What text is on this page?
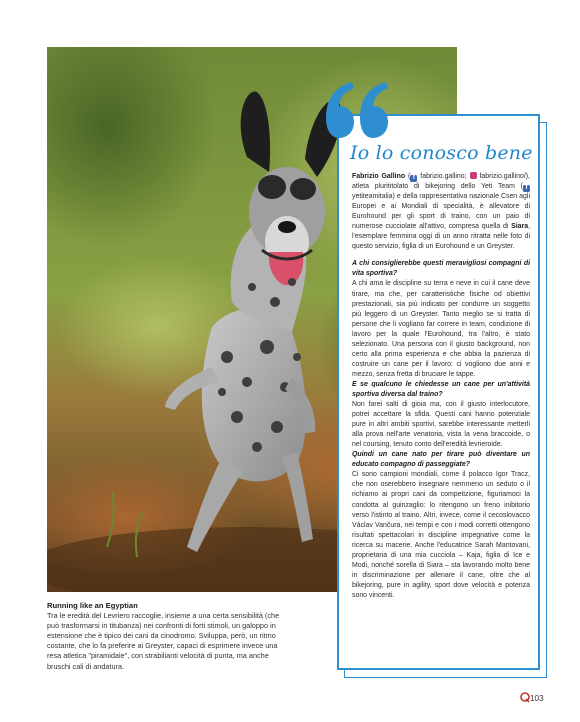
Running like an Egyptian
Tra le eredità del Levriero raccoglie, insieme a una certa sensibilità (che può trasformarsi in titubanza) nei confronti di forti stimoli, un galoppo in estensione che è tipico dei cani da cinodromo. Sviluppa, però, un ritmo costante, che lo fa preferire ai Greyster, capaci di esprimere invece una resa atletica "piramidale", con strabilianti velocità di punta, ma anche bruschi cali di andatura.
Io lo conosco bene

Fabrizio Gallino ( f fabrizio.gallino; fabrizio.gallino/), atleta plurititolato di bikejoring dello Yeti Team ( f yetiteamitalia) e della rappresentativa nazionale Csen agli Europei e ai Mondiali di specialità, è allevatore di Eurohound per gli sport di traino, con un paio di numerose cucciolate all'attivo, compresa quella di Siara, l'esemplare femmina oggi di un anno ritratta nelle foto di questo servizio, figlia di un Eurohound e un Greyster.

A chi consiglierebbe questi meravigliosi compagni di vita sportiva?

A chi ama le discipline su terra e neve in cui il cane deve tirare, ma che, per caratteristiche fisiche od obiettivi prestazionali, sia più indicato per condurre un soggetto più leggero di un Greyster. Tanto meglio se si tratta di persone che li vogliano far correre in team, condizione di lavoro per la quale l'Eurohound, tra l'altro, è stato selezionato. Una persona con il giusto background, non certo alla prima esperienza e che abbia la pazienza di costruire un cane per il lavoro: ci vogliono due anni e mezzo, senza fretta di bruciare le tappe.

E se qualcuno le chiedesse un cane per un'attività sportiva diversa dal traino?

Non farei salti di gioia ma, con il giusto interlocutore, potrei accettare la sfida. Questi cani hanno potenziale pure in altri ambiti sportivi, sarebbe interessante metterli alla prova nell'arte venatoria, vista la vena braccoide, o nel coursing, tenuto conto dell'eredità levrieroide.

Quindi un cane nato per tirare può diventare un educato compagno di passeggiate?

Ci sono campioni mondiali, come il polacco Igor Tracz, che non oserebbero insegnare nemmeno un seduto o il richiamo ai propri cani da competizione, figuriamoci la condotta al guinzaglio: lo ritengono un freno inibitorio verso l'istinto al traino. Altri, invece, come il cecoslovacco Václav Vančura, nei tempi e con i modi corretti ottengono risultati spettacolari in discipline impegnative come la ricerca su macerie. Anche l'educatrice Sarah Mantovani, proprietaria di una mia cucciola – Kaja, figlia di Ice e Modi, nonché sorella di Siara – sta lavorando molto bene in discriminazione per allenare il cane, oltre che al bikejoring, pure in agility, sport dove velocità e potenza sono vincenti.

103
